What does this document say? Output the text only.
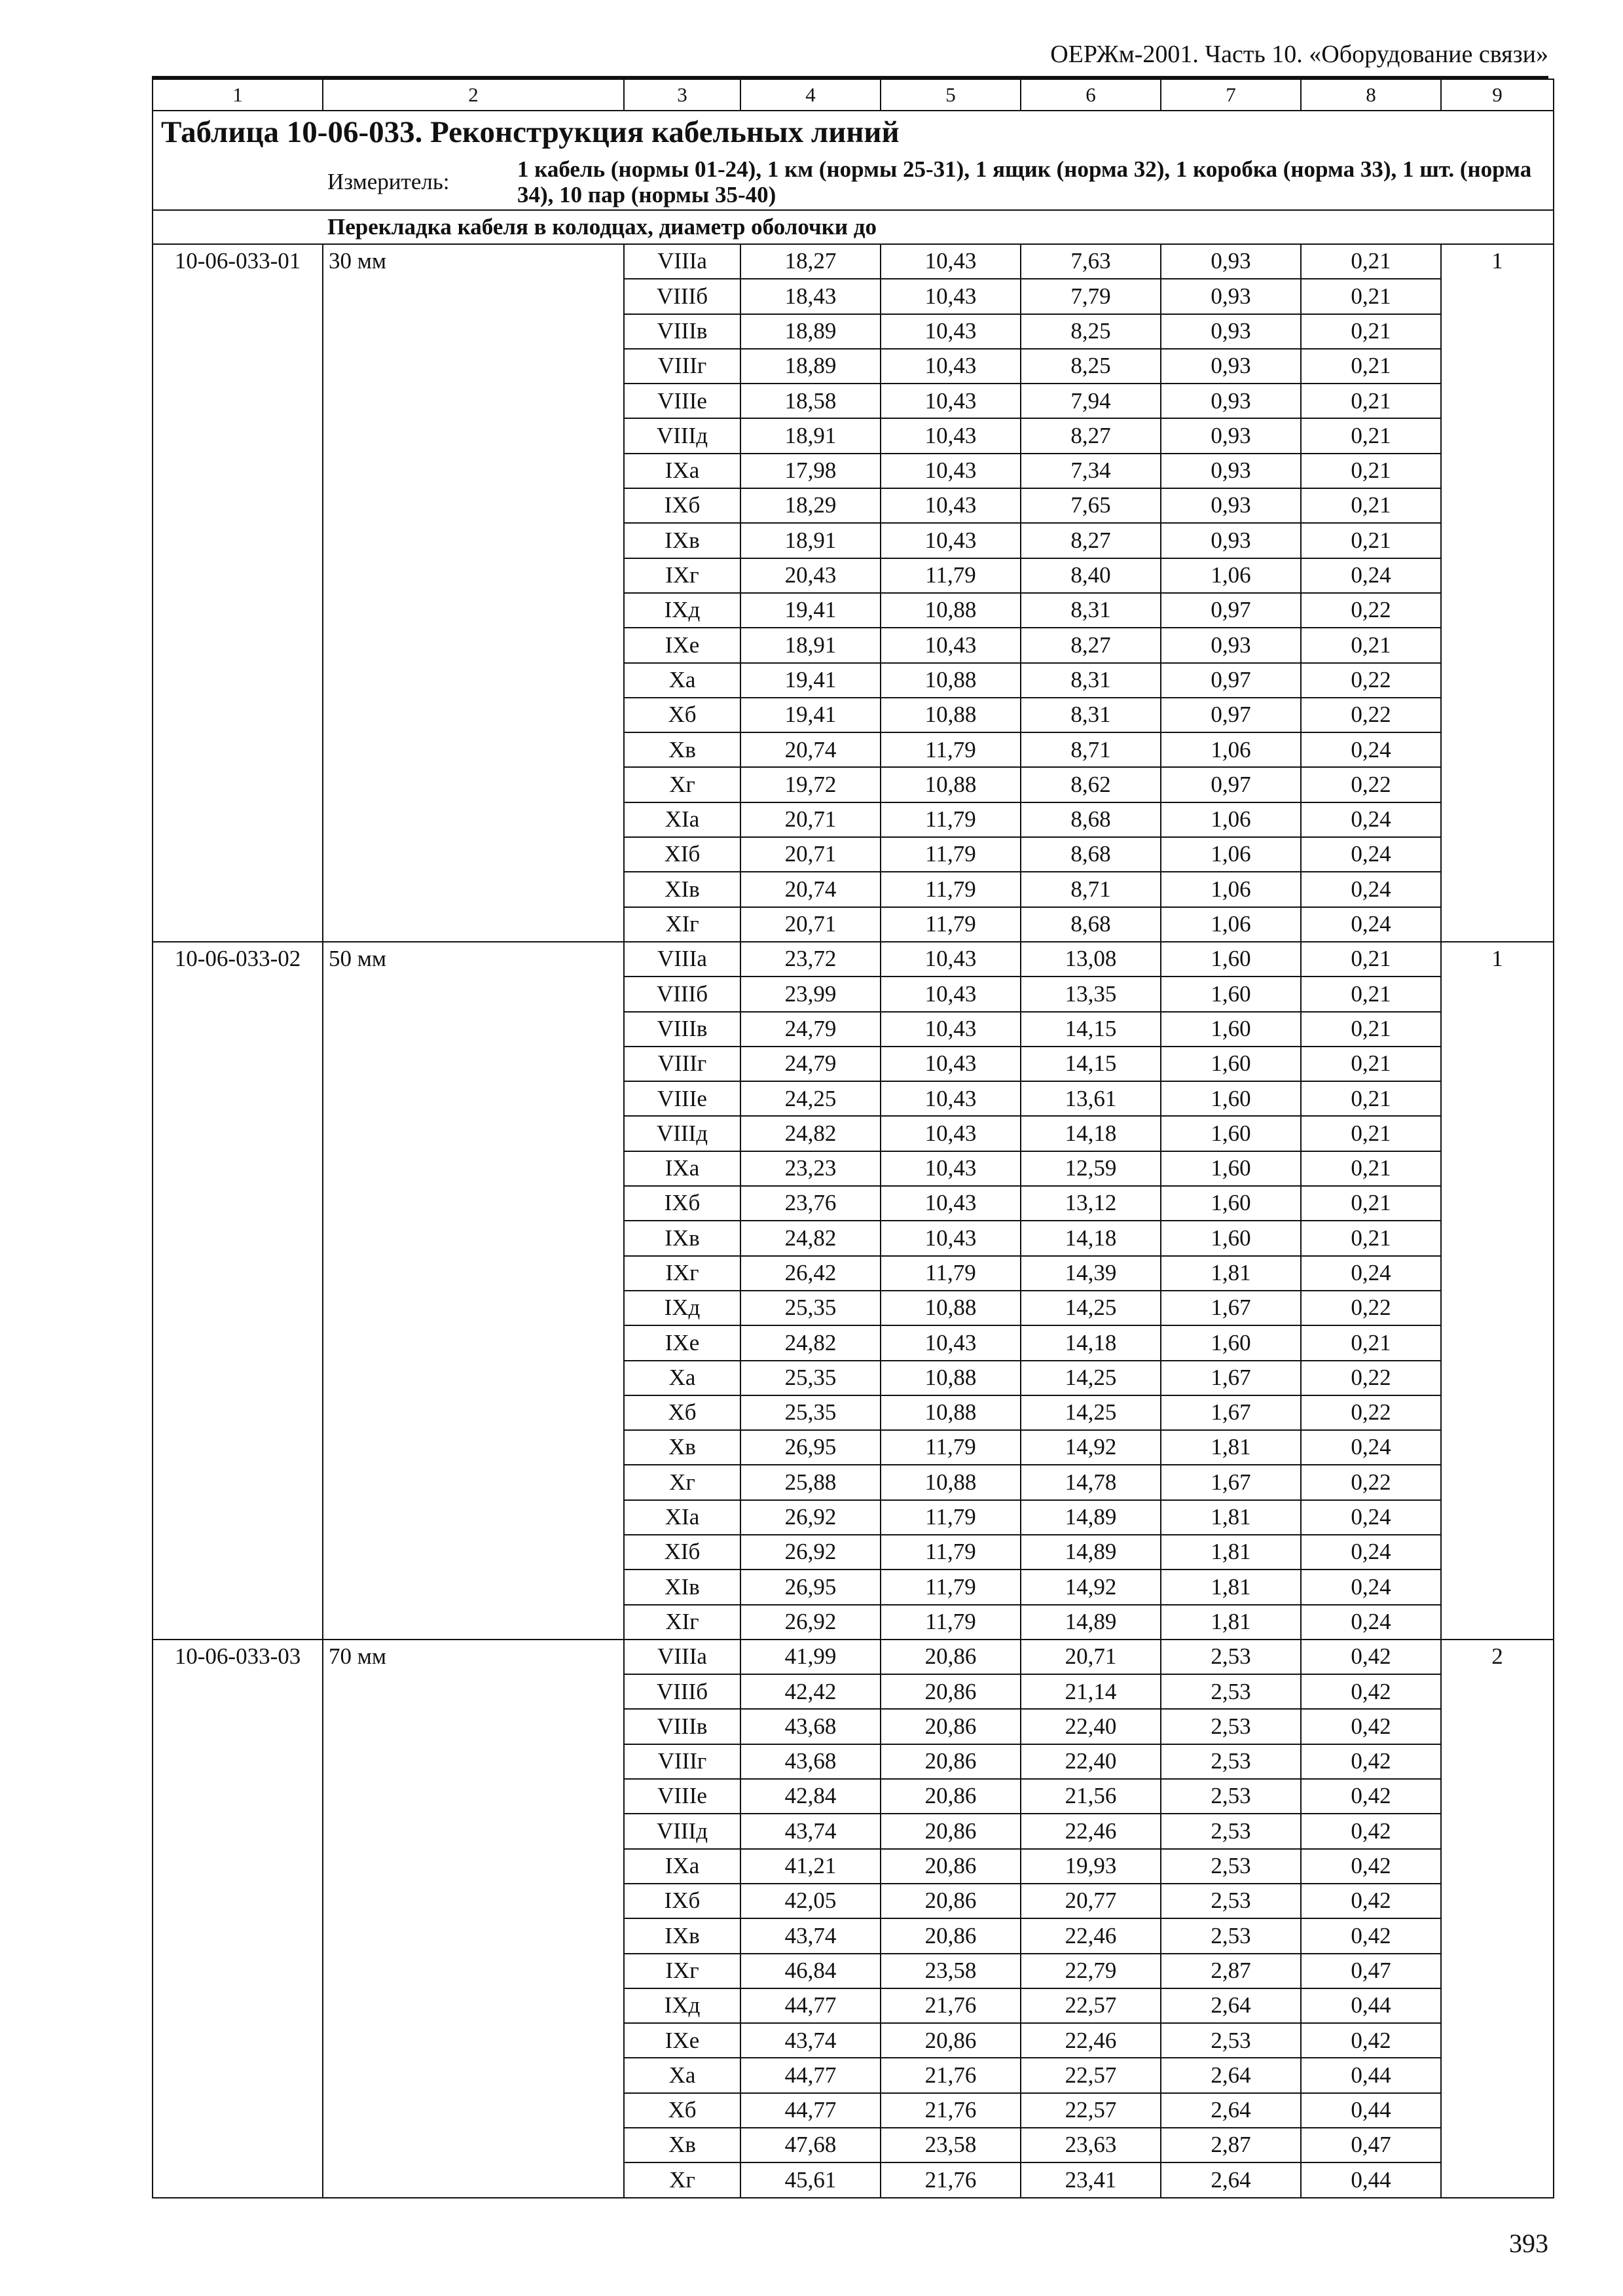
ОЕРЖм-2001. Часть 10. «Оборудование связи»
1	2	3	4	5	6	7	8	9

Таблица 10-06-033. Реконструкция кабельных линий								

Измеритель: 1 кабель (нормы 01-24), 1 км (нормы 25-31), 1 ящик (норма 32), 1 коробка (норма 33), 1 шт. (норма 34), 10 пар (нормы 35-40)								

Перекладка кабеля в колодцах, диаметр оболочки до								

10-06-033-01	30 мм	VIIIа	18,27	10,43	7,63	0,93	0,21	1
		VIIIб	18,43	10,43	7,79	0,93	0,21	
		VIIIв	18,89	10,43	8,25	0,93	0,21	
		VIIIг	18,89	10,43	8,25	0,93	0,21	
		VIIIе	18,58	10,43	7,94	0,93	0,21	
		VIIIд	18,91	10,43	8,27	0,93	0,21	
		IXа	17,98	10,43	7,34	0,93	0,21	
		IXб	18,29	10,43	7,65	0,93	0,21	
		IXв	18,91	10,43	8,27	0,93	0,21	
		IXг	20,43	11,79	8,40	1,06	0,24	
		IXд	19,41	10,88	8,31	0,97	0,22	
		IXе	18,91	10,43	8,27	0,93	0,21	
		Xа	19,41	10,88	8,31	0,97	0,22	
		Xб	19,41	10,88	8,31	0,97	0,22	
		Xв	20,74	11,79	8,71	1,06	0,24	
		Xг	19,72	10,88	8,62	0,97	0,22	
		XIа	20,71	11,79	8,68	1,06	0,24	
		XIб	20,71	11,79	8,68	1,06	0,24	
		XIв	20,74	11,79	8,71	1,06	0,24	
		XIг	20,71	11,79	8,68	1,06	0,24	
10-06-033-02	50 мм	VIIIа	23,72	10,43	13,08	1,60	0,21	1
		VIIIб	23,99	10,43	13,35	1,60	0,21	
		VIIIв	24,79	10,43	14,15	1,60	0,21	
		VIIIг	24,79	10,43	14,15	1,60	0,21	
		VIIIе	24,25	10,43	13,61	1,60	0,21	
		VIIIд	24,82	10,43	14,18	1,60	0,21	
		IXа	23,23	10,43	12,59	1,60	0,21	
		IXб	23,76	10,43	13,12	1,60	0,21	
		IXв	24,82	10,43	14,18	1,60	0,21	
		IXг	26,42	11,79	14,39	1,81	0,24	
		IXд	25,35	10,88	14,25	1,67	0,22	
		IXе	24,82	10,43	14,18	1,60	0,21	
		Xа	25,35	10,88	14,25	1,67	0,22	
		Xб	25,35	10,88	14,25	1,67	0,22	
		Xв	26,95	11,79	14,92	1,81	0,24	
		Xг	25,88	10,88	14,78	1,67	0,22	
		XIа	26,92	11,79	14,89	1,81	0,24	
		XIб	26,92	11,79	14,89	1,81	0,24	
		XIв	26,95	11,79	14,92	1,81	0,24	
		XIг	26,92	11,79	14,89	1,81	0,24	
10-06-033-03	70 мм	VIIIа	41,99	20,86	20,71	2,53	0,42	2
		VIIIб	42,42	20,86	21,14	2,53	0,42	
		VIIIв	43,68	20,86	22,40	2,53	0,42	
		VIIIг	43,68	20,86	22,40	2,53	0,42	
		VIIIе	42,84	20,86	21,56	2,53	0,42	
		VIIIд	43,74	20,86	22,46	2,53	0,42	
		IXа	41,21	20,86	19,93	2,53	0,42	
		IXб	42,05	20,86	20,77	2,53	0,42	
		IXв	43,74	20,86	22,46	2,53	0,42	
		IXг	46,84	23,58	22,79	2,87	0,47	
		IXд	44,77	21,76	22,57	2,64	0,44	
		IXе	43,74	20,86	22,46	2,53	0,42	
		Xа	44,77	21,76	22,57	2,64	0,44	
		Xб	44,77	21,76	22,57	2,64	0,44	
		Xв	47,68	23,58	23,63	2,87	0,47	
		Xг	45,61	21,76	23,41	2,64	0,44	
393
